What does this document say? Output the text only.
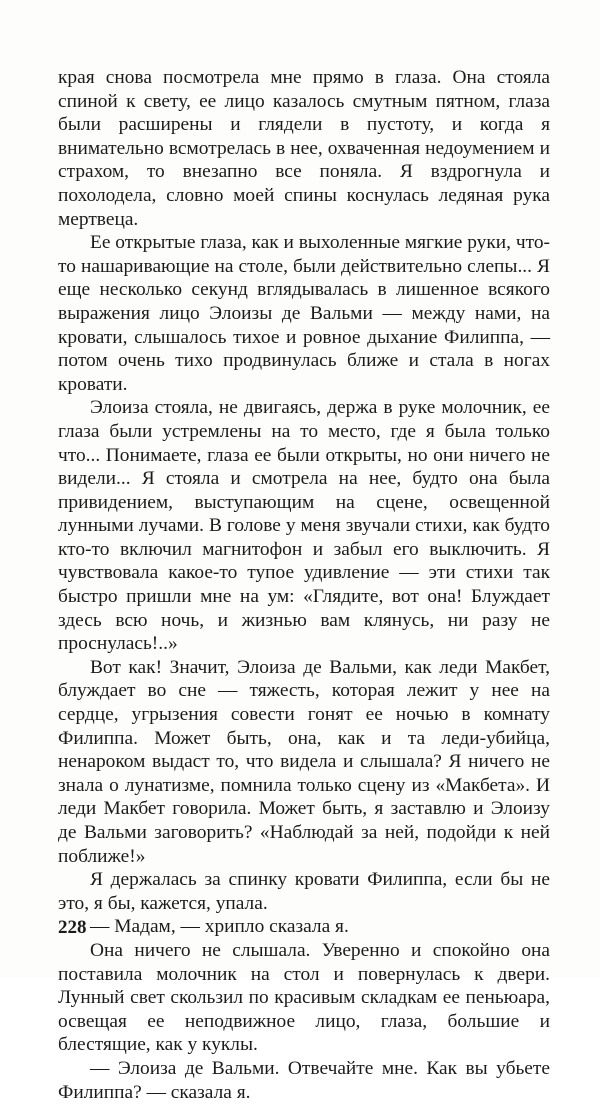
края снова посмотрела мне прямо в глаза. Она стояла спиной к свету, ее лицо казалось смутным пятном, глаза были расширены и глядели в пустоту, и когда я внимательно всмотрелась в нее, охваченная недоумением и страхом, то внезапно все поняла. Я вздрогнула и похолодела, словно моей спины коснулась ледяная рука мертвеца.

Ее открытые глаза, как и выхоленные мягкие руки, что-то нашаривающие на столе, были действительно слепы... Я еще несколько секунд вглядывалась в лишенное всякого выражения лицо Элоизы де Вальми — между нами, на кровати, слышалось тихое и ровное дыхание Филиппа, — потом очень тихо продвинулась ближе и стала в ногах кровати.

Элоиза стояла, не двигаясь, держа в руке молочник, ее глаза были устремлены на то место, где я была только что... Понимаете, глаза ее были открыты, но они ничего не видели... Я стояла и смотрела на нее, будто она была привидением, выступающим на сцене, освещенной лунными лучами. В голове у меня звучали стихи, как будто кто-то включил магнитофон и забыл его выключить. Я чувствовала какое-то тупое удивление — эти стихи так быстро пришли мне на ум: «Глядите, вот она! Блуждает здесь всю ночь, и жизнью вам клянусь, ни разу не проснулась!..»

Вот как! Значит, Элоиза де Вальми, как леди Макбет, блуждает во сне — тяжесть, которая лежит у нее на сердце, угрызения совести гонят ее ночью в комнату Филиппа. Может быть, она, как и та леди-убийца, ненароком выдаст то, что видела и слышала? Я ничего не знала о лунатизме, помнила только сцену из «Макбета». И леди Макбет говорила. Может быть, я заставлю и Элоизу де Вальми заговорить? «Наблюдай за ней, подойди к ней поближе!»

Я держалась за спинку кровати Филиппа, если бы не это, я бы, кажется, упала.

— Мадам, — хрипло сказала я.

Она ничего не слышала. Уверенно и спокойно она поставила молочник на стол и повернулась к двери. Лунный свет скользил по красивым складкам ее пеньюара, освещая ее неподвижное лицо, глаза, большие и блестящие, как у куклы.

— Элоиза де Вальми. Отвечайте мне. Как вы убьете Филиппа? — сказала я.

228
